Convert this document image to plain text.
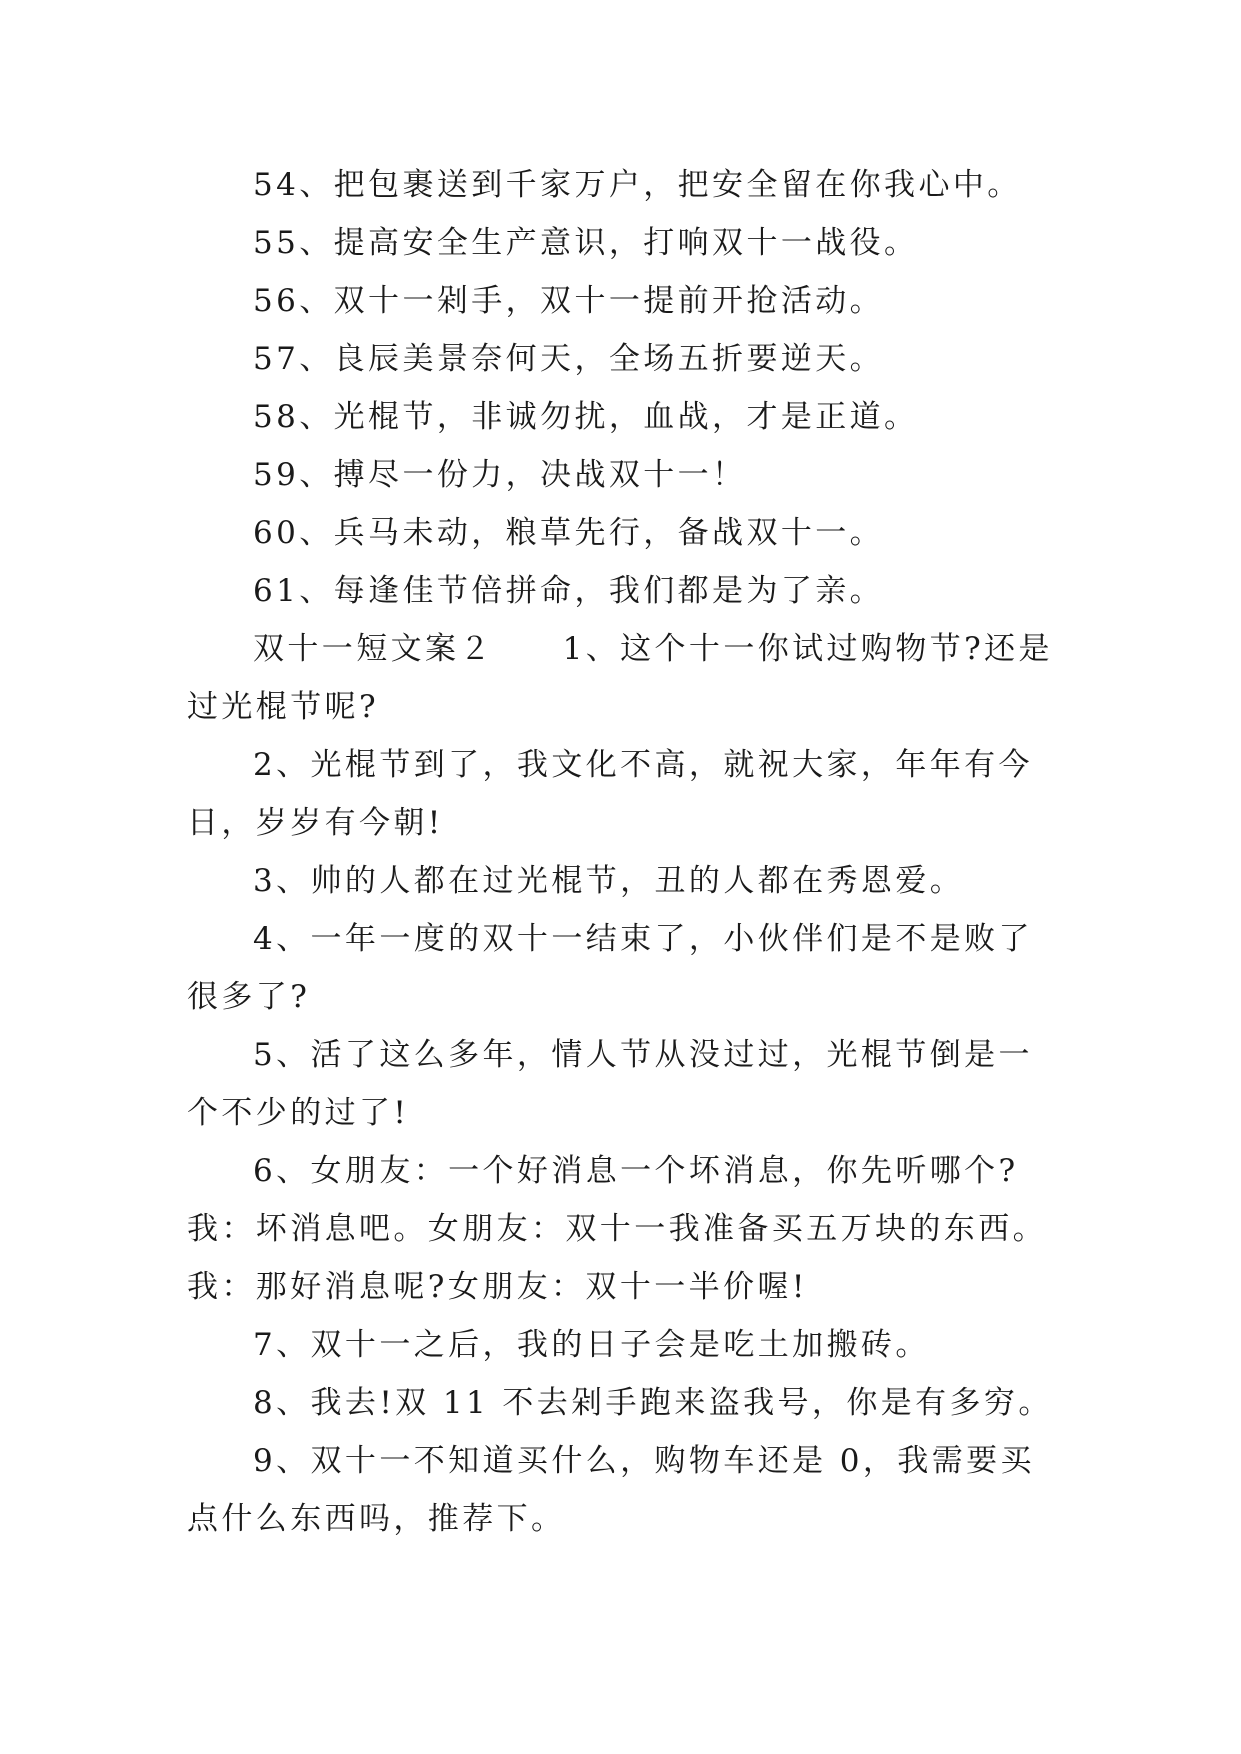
54、把包裹送到千家万户，把安全留在你我心中。

55、提高安全生产意识，打响双十一战役。

56、双十一剁手，双十一提前开抢活动。

57、良辰美景奈何天，全场五折要逆天。

58、光棍节，非诚勿扰，血战，才是正道。

59、搏尽一份力，决战双十一！

60、兵马未动，粮草先行，备战双十一。

61、每逢佳节倍拼命，我们都是为了亲。

双十一短文案２　　1、这个十一你试过购物节?还是过光棍节呢?

2、光棍节到了，我文化不高，就祝大家，年年有今日，岁岁有今朝!

3、帅的人都在过光棍节，丑的人都在秀恩爱。

4、一年一度的双十一结束了，小伙伴们是不是败了很多了?

5、活了这么多年，情人节从没过过，光棍节倒是一个不少的过了!

6、女朋友：一个好消息一个坏消息，你先听哪个?我：坏消息吧。女朋友：双十一我准备买五万块的东西。我：那好消息呢?女朋友：双十一半价喔!

7、双十一之后，我的日子会是吃土加搬砖。

8、我去!双 11 不去剁手跑来盗我号，你是有多穷。

9、双十一不知道买什么，购物车还是 0，我需要买点什么东西吗，推荐下。
